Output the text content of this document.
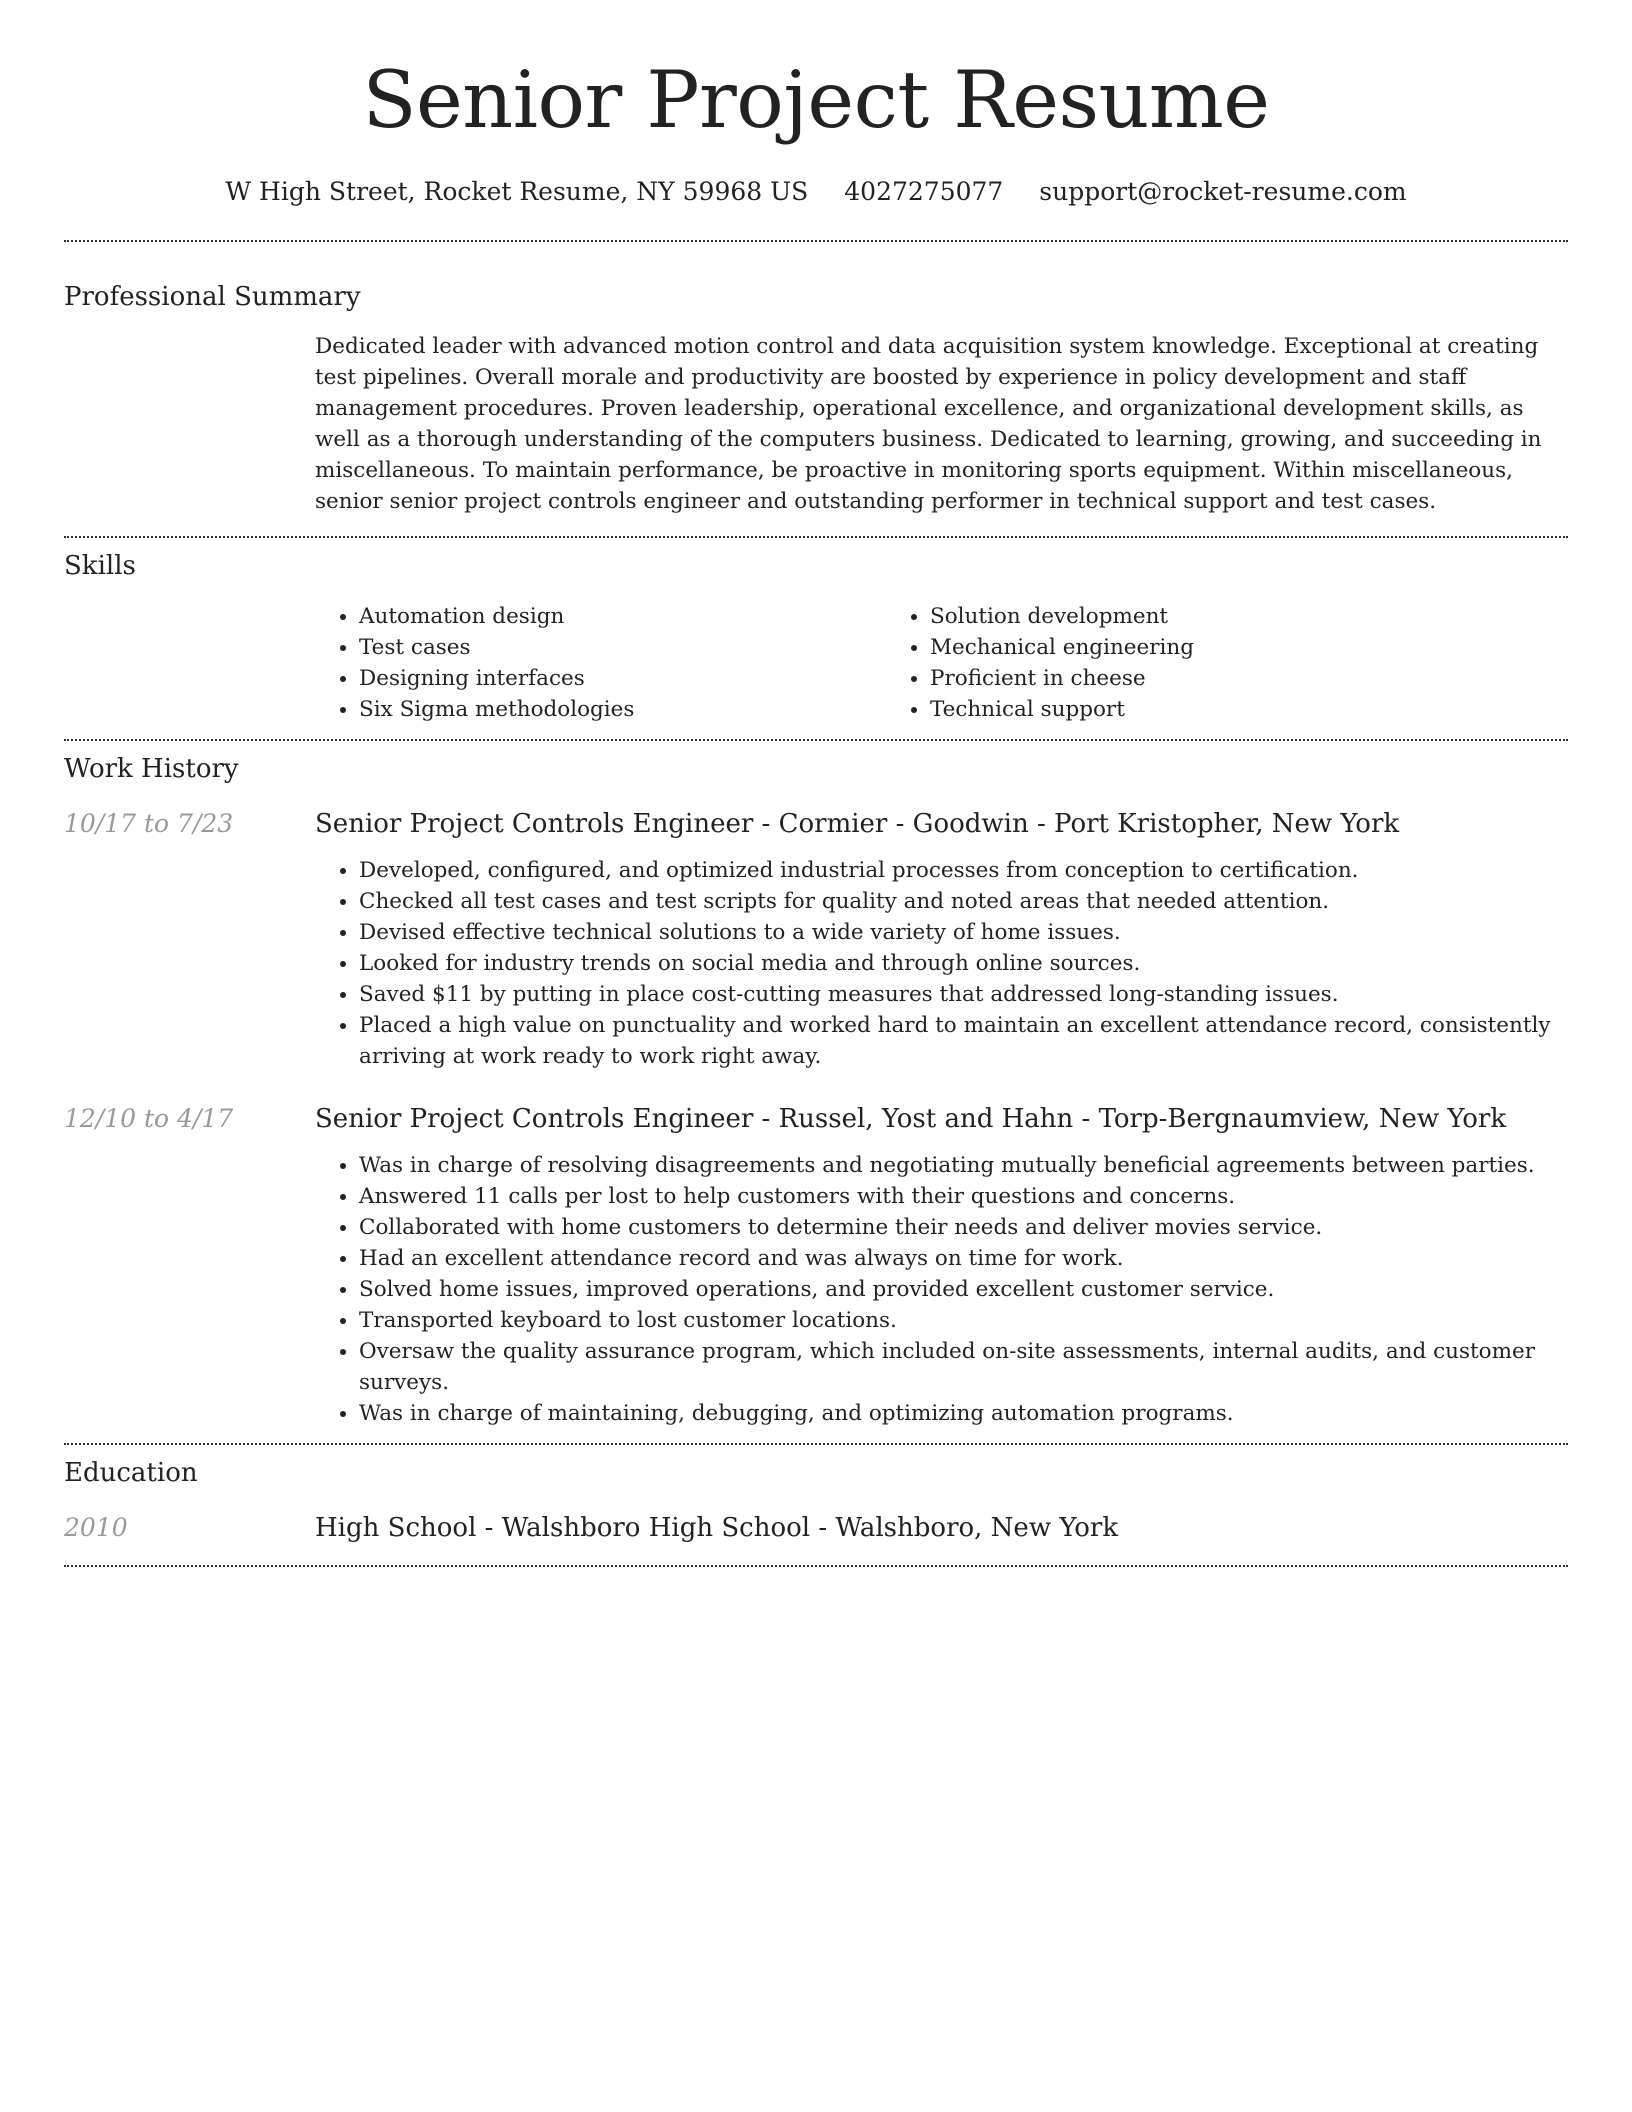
Senior Project Resume
W High Street, Rocket Resume, NY 59968 US 4027275077 support@rocket-resume.com
Professional Summary

Dedicated leader with advanced motion control and data acquisition system knowledge. Exceptional at creating test pipelines. Overall morale and productivity are boosted by experience in policy development and staff management procedures. Proven leadership, operational excellence, and organizational development skills, as well as a thorough understanding of the computers business. Dedicated to learning, growing, and succeeding in miscellaneous. To maintain performance, be proactive in monitoring sports equipment. Within miscellaneous, senior senior project controls engineer and outstanding performer in technical support and test cases.

Skills
• Automation design
• Test cases
• Designing interfaces
• Six Sigma methodologies
• Solution development
• Mechanical engineering
• Proficient in cheese
• Technical support
Work History
10/17 to 7/23	Senior Project Controls Engineer - Cormier - Goodwin - Port Kristopher, New York
• Developed, configured, and optimized industrial processes from conception to certification.
• Checked all test cases and test scripts for quality and noted areas that needed attention.
• Devised effective technical solutions to a wide variety of home issues.
• Looked for industry trends on social media and through online sources.
• Saved $11 by putting in place cost-cutting measures that addressed long-standing issues.
• Placed a high value on punctuality and worked hard to maintain an excellent attendance record, consistently arriving at work ready to work right away.
12/10 to 4/17	Senior Project Controls Engineer - Russel, Yost and Hahn - Torp-Bergnaumview, New York
• Was in charge of resolving disagreements and negotiating mutually beneficial agreements between parties.
• Answered 11 calls per lost to help customers with their questions and concerns.
• Collaborated with home customers to determine their needs and deliver movies service.
• Had an excellent attendance record and was always on time for work.
• Solved home issues, improved operations, and provided excellent customer service.
• Transported keyboard to lost customer locations.
• Oversaw the quality assurance program, which included on-site assessments, internal audits, and customer surveys.
• Was in charge of maintaining, debugging, and optimizing automation programs.
Education
2010	High School - Walshboro High School - Walshboro, New York
